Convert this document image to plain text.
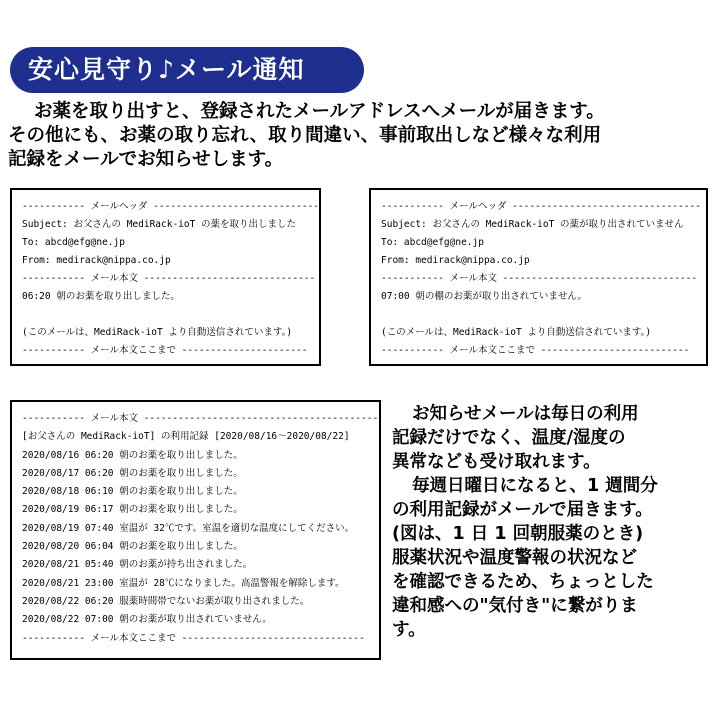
安心見守り♪メール通知

お薬を取り出すと、登録されたメールアドレスへメールが届きます。

その他にも、お薬の取り忘れ、取り間違い、事前取出しなど様々な利用

記録をメールでお知らせします。

----------- メールヘッダ -----------------------------
Subject: お父さんの MediRack-ioT の薬を取り出しました
To: abcd@efg@ne.jp
From: medirack@nippa.co.jp
----------- メール本文 ------------------------------
06:20 朝のお薬を取り出しました。
(このメールは、MediRack-ioT より自動送信されています。)
----------- メール本文ここまで ----------------------
----------- メールヘッダ ---------------------------------
Subject: お父さんの MediRack-ioT の薬が取り出されていません
To: abcd@efg@ne.jp
From: medirack@nippa.co.jp
----------- メール本文 ----------------------------------
07:00 朝の棚のお薬が取り出されていません。
(このメールは、MediRack-ioT より自動送信されています。)
----------- メール本文ここまで --------------------------
----------- メール本文 -----------------------------------------
[お父さんの MediRack-ioT] の利用記録 [2020/08/16～2020/08/22]
2020/08/16 06:20 朝のお薬を取り出しました。
2020/08/17 06:20 朝のお薬を取り出しました。
2020/08/18 06:10 朝のお薬を取り出しました。
2020/08/19 06:17 朝のお薬を取り出しました。
2020/08/19 07:40 室温が 32℃です。室温を適切な温度にしてください。
2020/08/20 06:04 朝のお薬を取り出しました。
2020/08/21 05:40 朝のお薬が持ち出されました。
2020/08/21 23:00 室温が 28℃になりました。高温警報を解除します。
2020/08/22 06:20 服薬時間帯でないお薬が取り出されました。
2020/08/22 07:00 朝のお薬が取り出されていません。
----------- メール本文ここまで --------------------------------

お知らせメールは毎日の利用

記録だけでなく、温度/湿度の

異常なども受け取れます。

毎週日曜日になると、1 週間分

の利用記録がメールで届きます。

(図は、1 日 1 回朝服薬のとき)

服薬状況や温度警報の状況など

を確認できるため、ちょっとした

違和感への"気付き"に繋がりま

す。
